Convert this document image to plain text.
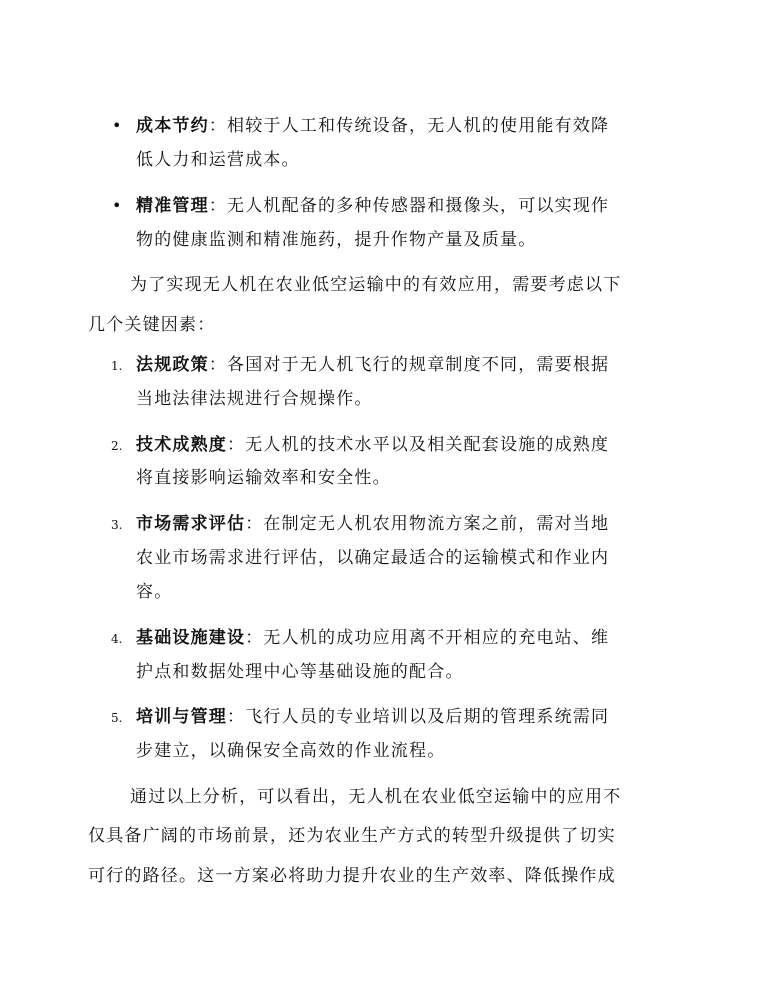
• 成本节约：相较于人工和传统设备，无人机的使用能有效降
低人力和运营成本。
• 精准管理：无人机配备的多种传感器和摄像头，可以实现作
物的健康监测和精准施药，提升作物产量及质量。
为了实现无人机在农业低空运输中的有效应用，需要考虑以下
几个关键因素：
1. 法规政策：各国对于无人机飞行的规章制度不同，需要根据
当地法律法规进行合规操作。
2. 技术成熟度：无人机的技术水平以及相关配套设施的成熟度
将直接影响运输效率和安全性。
3. 市场需求评估：在制定无人机农用物流方案之前，需对当地
农业市场需求进行评估，以确定最适合的运输模式和作业内
容。
4. 基础设施建设：无人机的成功应用离不开相应的充电站、维
护点和数据处理中心等基础设施的配合。
5. 培训与管理：飞行人员的专业培训以及后期的管理系统需同
步建立，以确保安全高效的作业流程。
通过以上分析，可以看出，无人机在农业低空运输中的应用不
仅具备广阔的市场前景，还为农业生产方式的转型升级提供了切实
可行的路径。这一方案必将助力提升农业的生产效率、降低操作成
